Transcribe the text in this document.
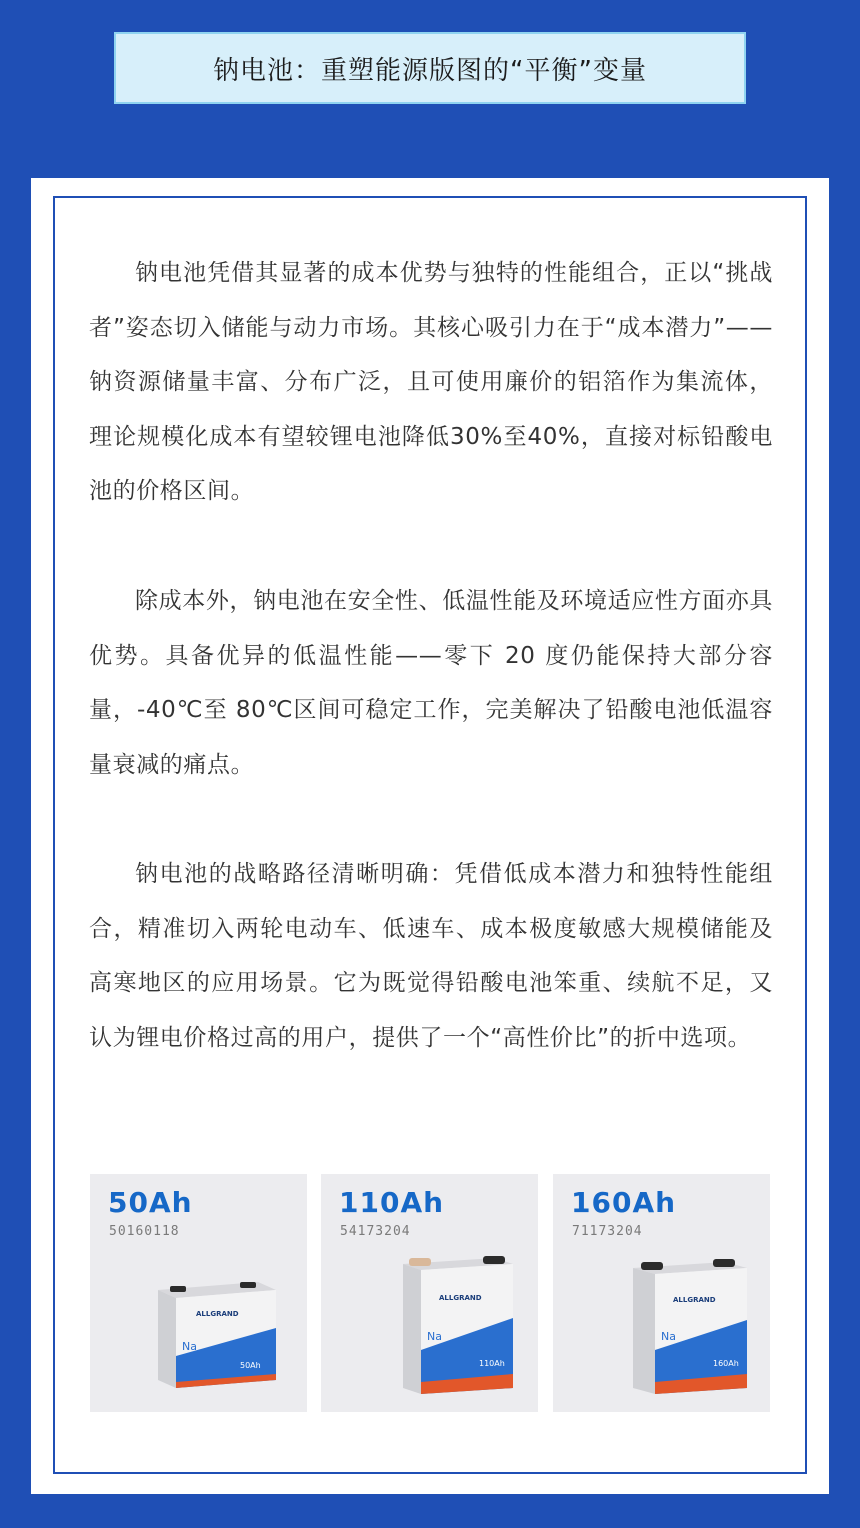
钠电池：重塑能源版图的“平衡”变量

钠电池凭借其显著的成本优势与独特的性能组合，正以“挑战者”姿态切入储能与动力市场。其核心吸引力在于“成本潜力”——钠资源储量丰富、分布广泛，且可使用廉价的铝箔作为集流体，理论规模化成本有望较锂电池降低30%至40%，直接对标铅酸电池的价格区间。

除成本外，钠电池在安全性、低温性能及环境适应性方面亦具优势。具备优异的低温性能——零下 20 度仍能保持大部分容量，-40℃至 80℃区间可稳定工作，完美解决了铅酸电池低温容量衰减的痛点。

钠电池的战略路径清晰明确：凭借低成本潜力和独特性能组合，精准切入两轮电动车、低速车、成本极度敏感大规模储能及高寒地区的应用场景。它为既觉得铅酸电池笨重、续航不足，又认为锂电价格过高的用户，提供了一个“高性价比”的折中选项。

50Ah
50160118
ALLGRAND
Na
50Ah
110Ah
54173204
ALLGRAND
Na
110Ah
160Ah
71173204
ALLGRAND
Na
160Ah
